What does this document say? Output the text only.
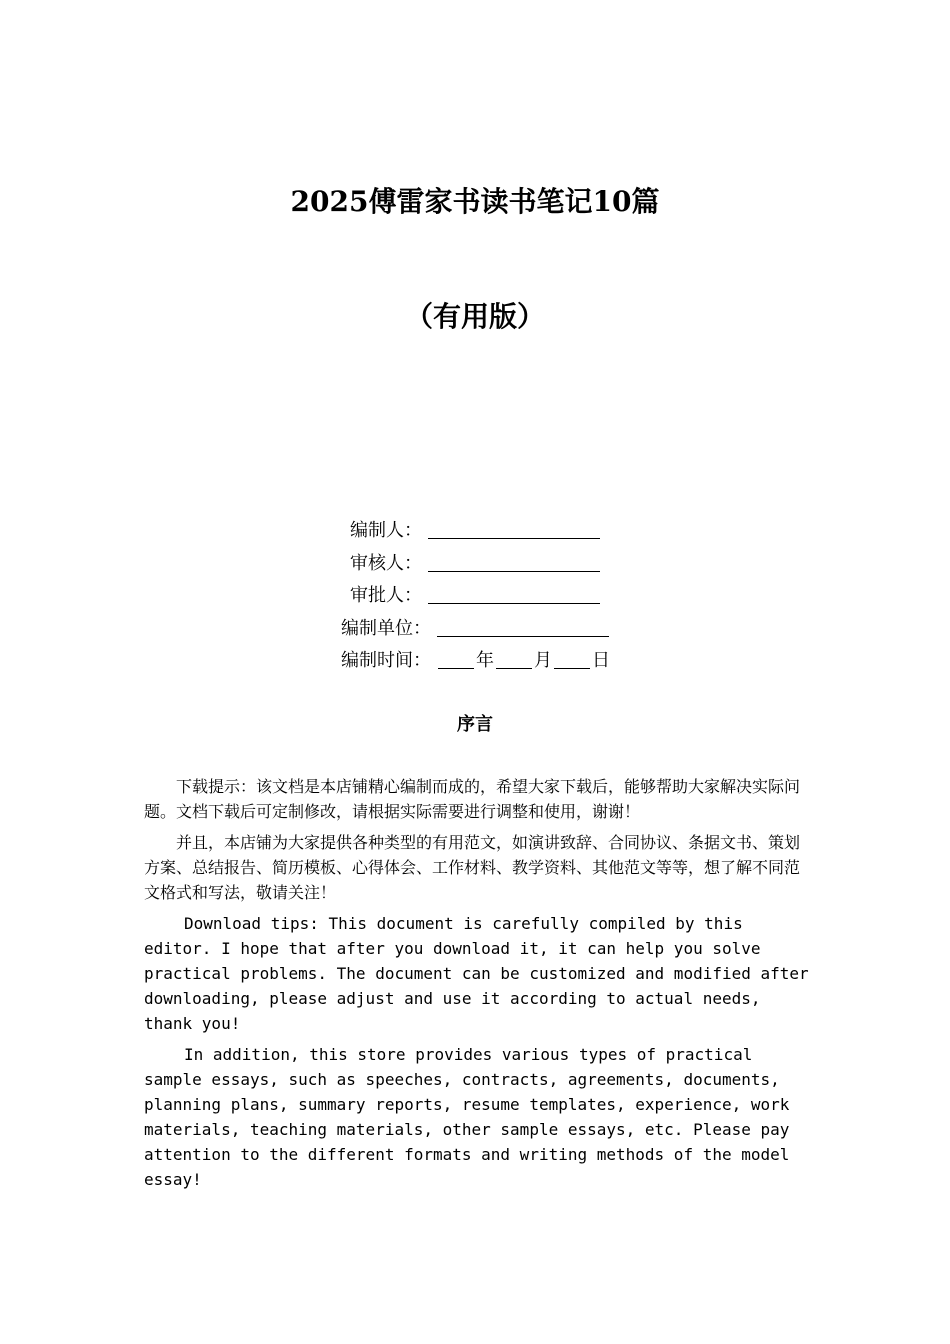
2025傅雷家书读书笔记10篇
（有用版）
编制人：
审核人：
审批人：
编制单位：
编制时间：	年 月 日
序言

下载提示：该文档是本店铺精心编制而成的，希望大家下载后，能够帮助大家解决实际问题。文档下载后可定制修改，请根据实际需要进行调整和使用，谢谢！

并且，本店铺为大家提供各种类型的有用范文，如演讲致辞、合同协议、条据文书、策划方案、总结报告、简历模板、心得体会、工作材料、教学资料、其他范文等等，想了解不同范文格式和写法，敬请关注！

Download tips: This document is carefully compiled by this editor. I hope that after you download it, it can help you solve practical problems. The document can be customized and modified after downloading, please adjust and use it according to actual needs, thank you!

In addition, this store provides various types of practical sample essays, such as speeches, contracts, agreements, documents, planning plans, summary reports, resume templates, experience, work materials, teaching materials, other sample essays, etc. Please pay attention to the different formats and writing methods of the model essay!
